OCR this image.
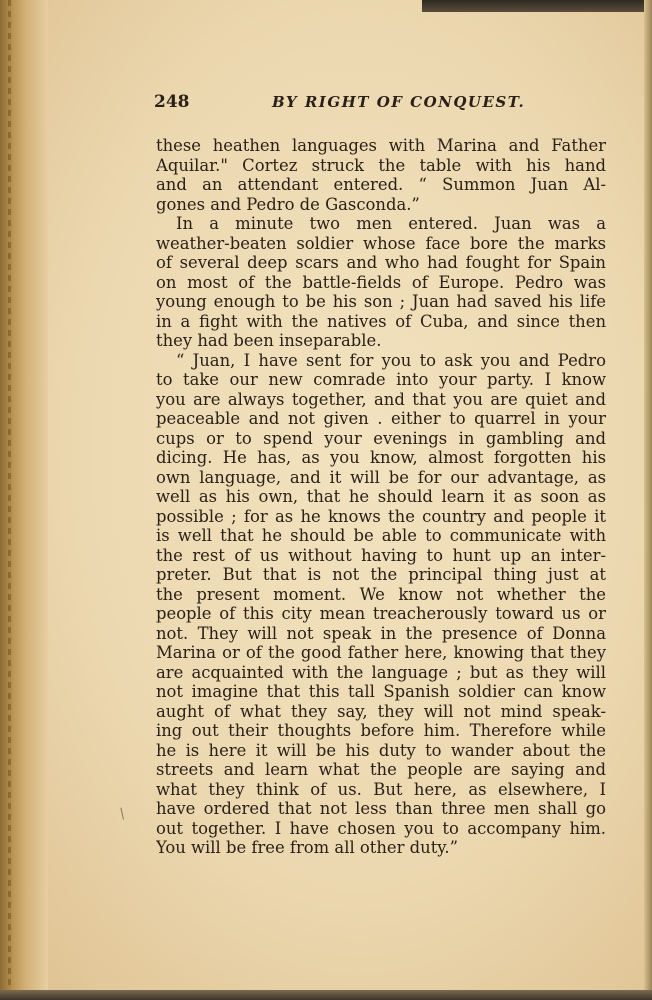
248	BY RIGHT OF CONQUEST.
these heathen languages with Marina and Father
Aquilar." Cortez struck the table with his hand
and an attendant entered. “ Summon Juan Al-
gones and Pedro de Gasconda.”
In a minute two men entered. Juan was a
weather-beaten soldier whose face bore the marks
of several deep scars and who had fought for Spain
on most of the battle-fields of Europe. Pedro was
young enough to be his son ; Juan had saved his life
in a fight with the natives of Cuba, and since then
they had been inseparable.
“ Juan, I have sent for you to ask you and Pedro
to take our new comrade into your party. I know
you are always together, and that you are quiet and
peaceable and not given . either to quarrel in your
cups or to spend your evenings in gambling and
dicing. He has, as you know, almost forgotten his
own language, and it will be for our advantage, as
well as his own, that he should learn it as soon as
possible ; for as he knows the country and people it
is well that he should be able to communicate with
the rest of us without having to hunt up an inter-
preter. But that is not the principal thing just at
the present moment. We know not whether the
people of this city mean treacherously toward us or
not. They will not speak in the presence of Donna
Marina or of the good father here, knowing that they
are acquainted with the language ; but as they will
not imagine that this tall Spanish soldier can know
aught of what they say, they will not mind speak-
ing out their thoughts before him. Therefore while
he is here it will be his duty to wander about the
streets and learn what the people are saying and
what they think of us. But here, as elsewhere, I
have ordered that not less than three men shall go
out together. I have chosen you to accompany him.
You will be free from all other duty.”
∕
